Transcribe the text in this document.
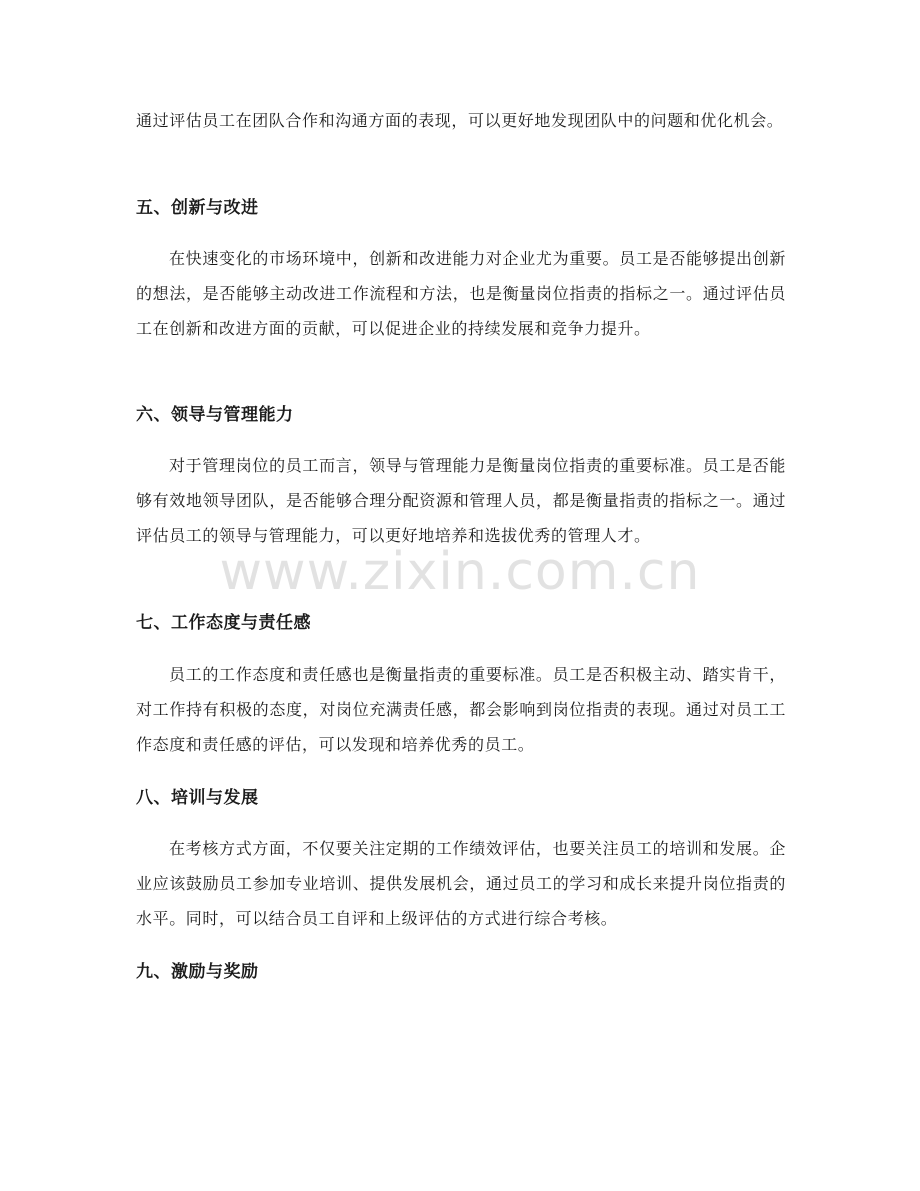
通过评估员工在团队合作和沟通方面的表现，可以更好地发现团队中的问题和优化机会。

五、创新与改进

在快速变化的市场环境中，创新和改进能力对企业尤为重要。员工是否能够提出创新的想法，是否能够主动改进工作流程和方法，也是衡量岗位指责的指标之一。通过评估员工在创新和改进方面的贡献，可以促进企业的持续发展和竞争力提升。

六、领导与管理能力

对于管理岗位的员工而言，领导与管理能力是衡量岗位指责的重要标准。员工是否能够有效地领导团队，是否能够合理分配资源和管理人员，都是衡量指责的指标之一。通过评估员工的领导与管理能力，可以更好地培养和选拔优秀的管理人才。

七、工作态度与责任感

员工的工作态度和责任感也是衡量指责的重要标准。员工是否积极主动、踏实肯干，对工作持有积极的态度，对岗位充满责任感，都会影响到岗位指责的表现。通过对员工工作态度和责任感的评估，可以发现和培养优秀的员工。

八、培训与发展

在考核方式方面，不仅要关注定期的工作绩效评估，也要关注员工的培训和发展。企业应该鼓励员工参加专业培训、提供发展机会，通过员工的学习和成长来提升岗位指责的水平。同时，可以结合员工自评和上级评估的方式进行综合考核。

九、激励与奖励
www.zixin.com.cn
